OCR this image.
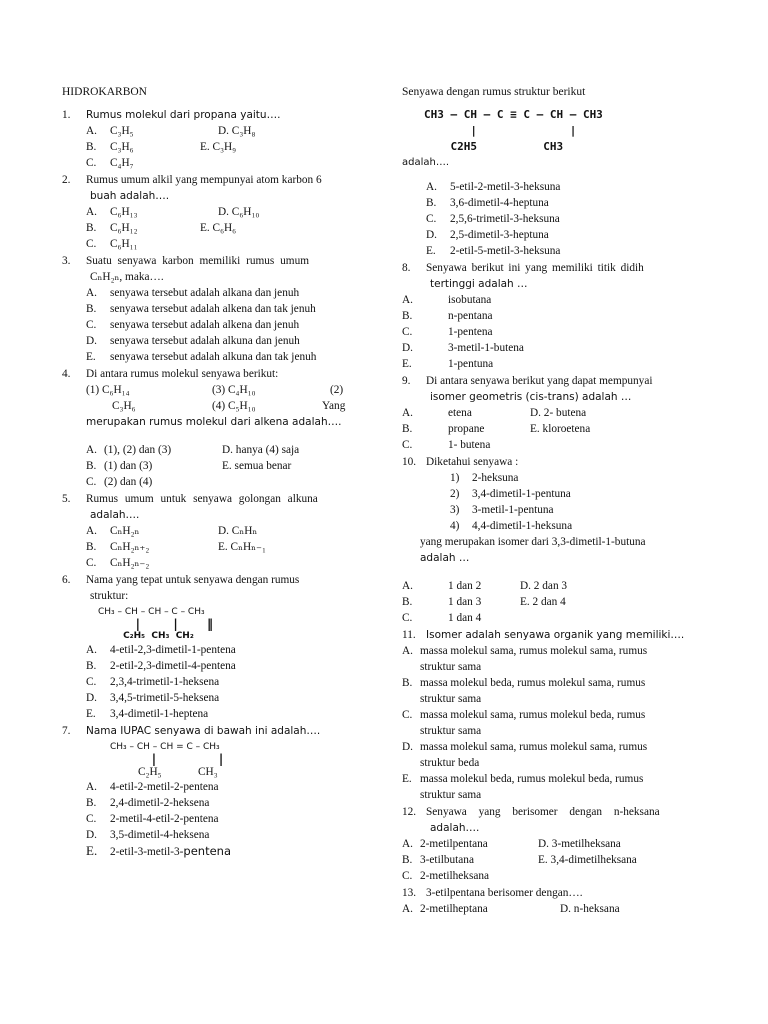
HIDROKARBON
1.	Rumus molekul dari propana yaitu….
A.	C₃H₅	D. C₃H₈
B.	C₃H₆	E. C₃H₉
C.	C₄H₇
2.	Rumus umum alkil yang mempunyai atom karbon 6
buah adalah….
A.	C₆H₁₃	D. C₆H₁₀
B.	C₆H₁₂	E. C₆H₆
C.	C₆H₁₁
3.	Suatu senyawa karbon memiliki rumus umum
CₙH₂ₙ, maka….
A.	senyawa tersebut adalah alkana dan jenuh
B.	senyawa tersebut adalah alkena dan tak jenuh
C.	senyawa tersebut adalah alkena dan jenuh
D.	senyawa tersebut adalah alkuna dan jenuh
E.	senyawa tersebut adalah alkuna dan tak jenuh
4.	Di antara rumus molekul senyawa berikut:
(1) C₆H₁₄	(3) C₄H₁₀	(2)
C₃H₆	(4) C₅H₁₀	Yang
merupakan rumus molekul dari alkena adalah….
A. (1), (2) dan (3)	D. hanya (4) saja
B. (1) dan (3)	E. semua benar
C. (2) dan (4)
5.	Rumus umum untuk senyawa golongan alkuna
adalah….
A.	CₙH₂ₙ	D. CₙHₙ
B.	CₙH₂ₙ₊₂	E. CₙHₙ₋₁
C.	CₙH₂ₙ₋₂
6.	Nama yang tepat untuk senyawa dengan rumus
struktur:
CH₃ – CH – CH – C – CH₃
|        |       ‖
C₂H₅  CH₃  CH₂
A.	4-etil-2,3-dimetil-1-pentena
B.	2-etil-2,3-dimetil-4-pentena
C.	2,3,4-trimetil-1-heksena
D.	3,4,5-trimetil-5-heksena
E.	3,4-dimetil-1-heptena
7.	Nama IUPAC senyawa di bawah ini adalah….
CH₃ – CH – CH = C – CH₃
|               |
C₂H₅	CH₃
A.	4-etil-2-metil-2-pentena
B.	2,4-dimetil-2-heksena
C.	2-metil-4-etil-2-pentena
D.	3,5-dimetil-4-heksena
E.	2-etil-3-metil-3-pentena
Senyawa dengan rumus struktur berikut
CH3 – CH – C ≡ C – CH – CH3
|              |
C2H5          CH3
adalah….
A.	5-etil-2-metil-3-heksuna
B.	3,6-dimetil-4-heptuna
C.	2,5,6-trimetil-3-heksuna
D.	2,5-dimetil-3-heptuna
E.	2-etil-5-metil-3-heksuna
8.	Senyawa berikut ini yang memiliki titik didih
tertinggi adalah …
A.	isobutana
B.	n-pentana
C.	1-pentena
D.	3-metil-1-butena
E.	1-pentuna
9.	Di antara senyawa berikut yang dapat mempunyai
isomer geometris (cis-trans) adalah …
A.	etena	D. 2- butena
B.	propane	E. kloroetena
C.	1- butena
10. Diketahui senyawa :
1)	2-heksuna
2)	3,4-dimetil-1-pentuna
3)	3-metil-1-pentuna
4)	4,4-dimetil-1-heksuna
yang merupakan isomer dari 3,3-dimetil-1-butuna
adalah …
A.	1 dan 2	D. 2 dan 3
B.	1 dan 3	E. 2 dan 4
C.	1 dan 4
11. Isomer adalah senyawa organik yang memiliki….
A. massa molekul sama, rumus molekul sama, rumus
struktur sama
B. massa molekul beda, rumus molekul sama, rumus
struktur sama
C. massa molekul sama, rumus molekul beda, rumus
struktur sama
D. massa molekul sama, rumus molekul sama, rumus
struktur beda
E. massa molekul beda, rumus molekul beda, rumus
struktur sama
12. Senyawa yang berisomer dengan n-heksana
adalah….
A. 2-metilpentana	D. 3-metilheksana
B. 3-etilbutana	E. 3,4-dimetilheksana
C. 2-metilheksana
13. 3-etilpentana berisomer dengan….
A. 2-metilheptana	D. n-heksana
